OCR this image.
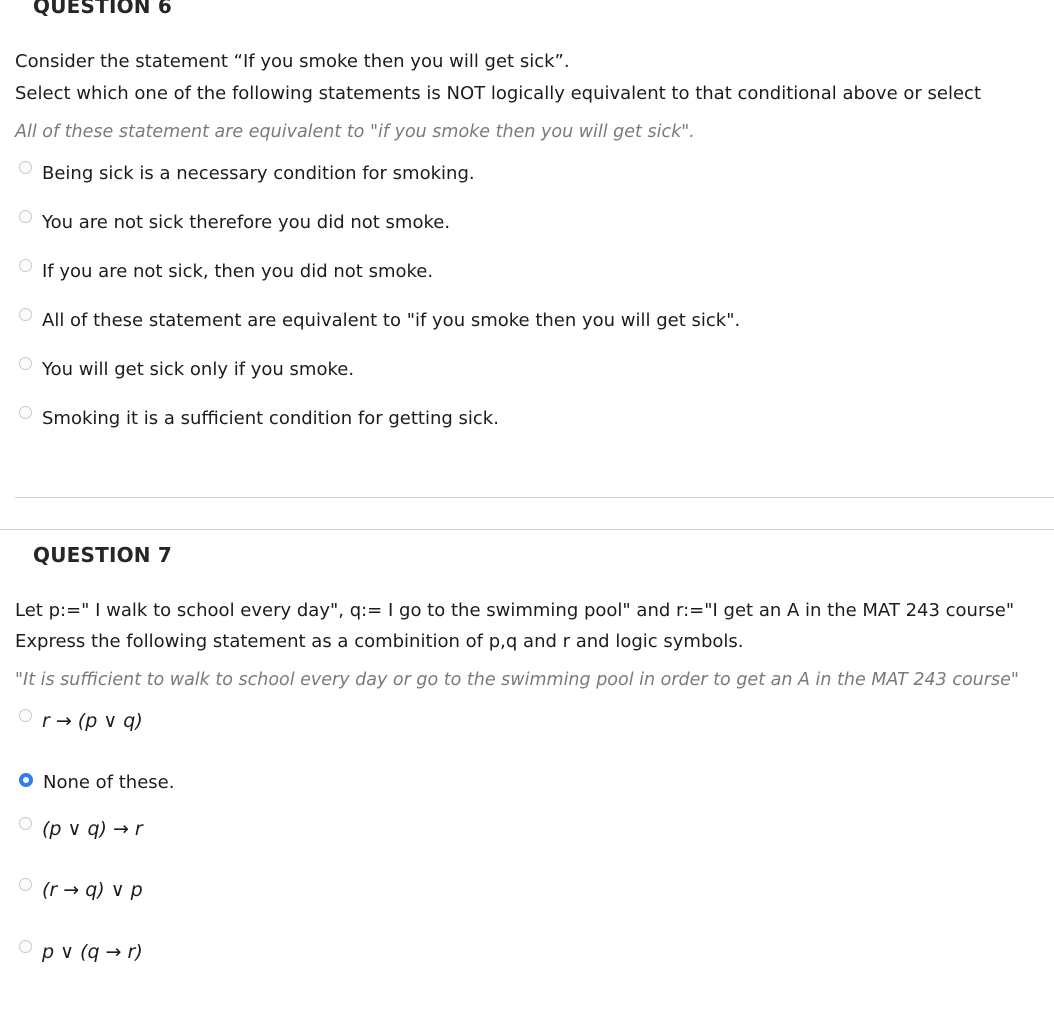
QUESTION 6
Consider the statement “If you smoke then you will get sick”.
Select which one of the following statements is NOT logically equivalent to that conditional above or select
All of these statement are equivalent to "if you smoke then you will get sick".
Being sick is a necessary condition for smoking.
You are not sick therefore you did not smoke.
If you are not sick, then you did not smoke.
All of these statement are equivalent to "if you smoke then you will get sick".
You will get sick only if you smoke.
Smoking it is a sufficient condition for getting sick.
QUESTION 7
Let p:=" I walk to school every day", q:= I go to the swimming pool" and r:="I get an A in the MAT 243 course"
Express the following statement as a combinition of p,q and r and logic symbols.
"It is sufficient to walk to school every day or go to the swimming pool in order to get an A in the MAT 243 course"
r → (p ∨ q)
None of these.
(p ∨ q) → r
(r → q) ∨ p
p ∨ (q → r)
